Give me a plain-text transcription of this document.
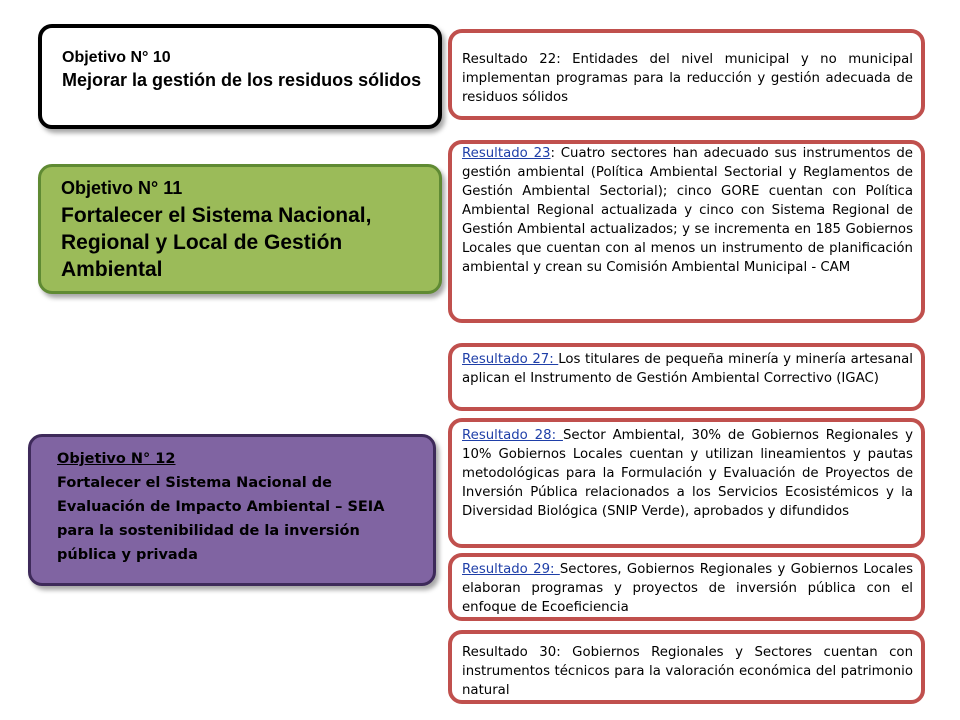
Objetivo N° 10
Mejorar la gestión de los residuos sólidos
Objetivo N° 11
Fortalecer el Sistema Nacional, Regional y Local de Gestión Ambiental
Objetivo N° 12
Fortalecer el Sistema Nacional de Evaluación de Impacto Ambiental – SEIA para la sostenibilidad de la inversión pública y privada
Resultado 22: Entidades del nivel municipal y no municipal implementan programas para la reducción y gestión adecuada de residuos sólidos
Resultado 23: Cuatro sectores han adecuado sus instrumentos de gestión ambiental (Política Ambiental Sectorial y Reglamentos de Gestión Ambiental Sectorial); cinco GORE cuentan con Política Ambiental Regional actualizada y cinco con Sistema Regional de Gestión Ambiental actualizados; y se incrementa en 185 Gobiernos Locales que cuentan con al menos un instrumento de planificación ambiental y crean su Comisión Ambiental Municipal - CAM
Resultado 27: Los titulares de pequeña minería y minería artesanal aplican el Instrumento de Gestión Ambiental Correctivo (IGAC)
Resultado 28: Sector Ambiental, 30% de Gobiernos Regionales y 10% Gobiernos Locales cuentan y utilizan lineamientos y pautas metodológicas para la Formulación y Evaluación de Proyectos de Inversión Pública relacionados a los Servicios Ecosistémicos y la Diversidad Biológica (SNIP Verde), aprobados y difundidos
Resultado 29: Sectores, Gobiernos Regionales y Gobiernos Locales elaboran programas y proyectos de inversión pública con el enfoque de Ecoeficiencia
Resultado 30: Gobiernos Regionales y Sectores cuentan con instrumentos técnicos para la valoración económica del patrimonio natural
